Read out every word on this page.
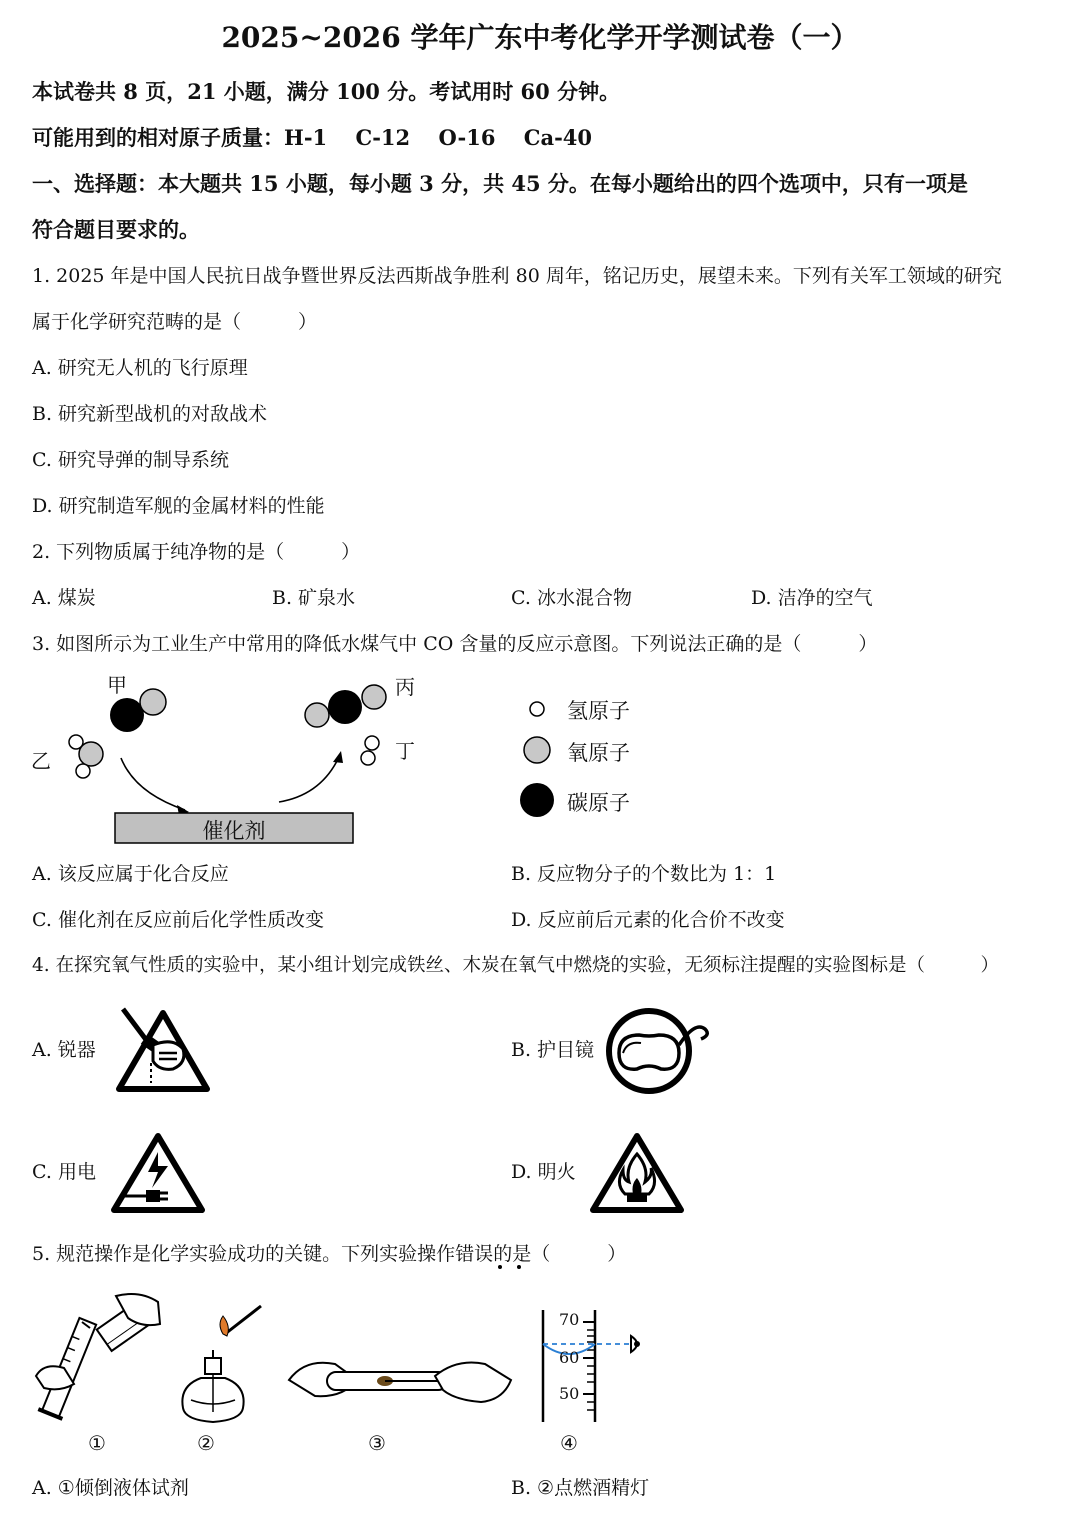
2025~2026 学年广东中考化学开学测试卷（一）
本试卷共 8 页，21 小题，满分 100 分。考试用时 60 分钟。
可能用到的相对原子质量：H-1　 C-12　 O-16　 Ca-40
一、选择题：本大题共 15 小题，每小题 3 分，共 45 分。在每小题给出的四个选项中，只有一项是
符合题目要求的。
1. 2025 年是中国人民抗日战争暨世界反法西斯战争胜利 80 周年，铭记历史，展望未来。下列有关军工领域的研究
属于化学研究范畴的是（　　　）
A. 研究无人机的飞行原理
B. 研究新型战机的对敌战术
C. 研究导弹的制导系统
D. 研究制造军舰的金属材料的性能
2. 下列物质属于纯净物的是（　　　）
A. 煤炭	B. 矿泉水	C. 冰水混合物	D. 洁净的空气
3. 如图所示为工业生产中常用的降低水煤气中 CO 含量的反应示意图。下列说法正确的是（　　　）
甲
乙
丙
丁
催化剂
氢原子
氧原子
碳原子
A. 该反应属于化合反应	B. 反应物分子的个数比为 1：1
C. 催化剂在反应前后化学性质改变	D. 反应前后元素的化合价不改变
4. 在探究氧气性质的实验中，某小组计划完成铁丝、木炭在氧气中燃烧的实验，无须标注提醒的实验图标是（　　　）
A. 锐器	B. 护目镜
C. 用电	D. 明火
5. 规范操作是化学实验成功的关键。下列实验操作错误的是（　　　）
70
60
50
①	②	③	④
A. ①倾倒液体试剂	B. ②点燃酒精灯
